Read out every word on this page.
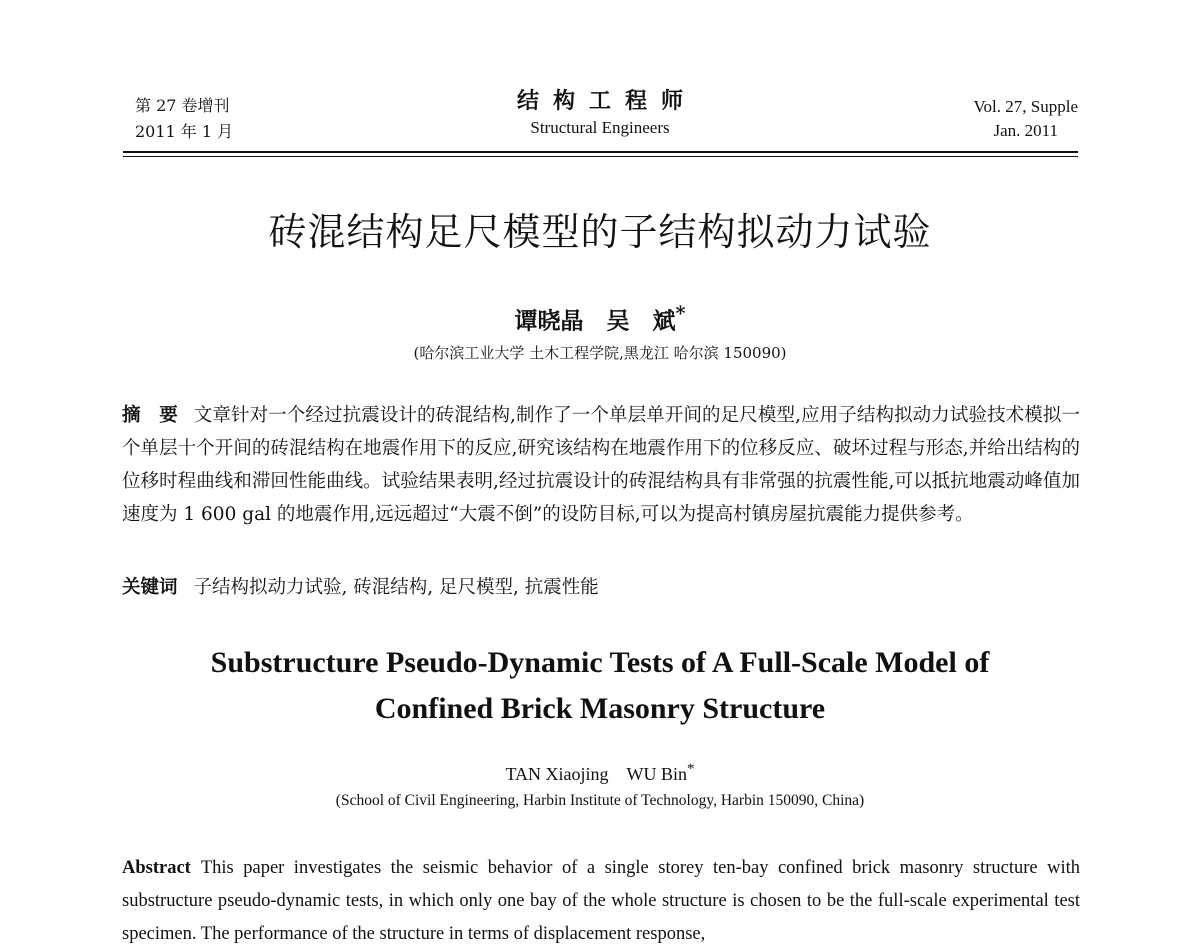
第 27 卷增刊
2011 年 1 月
结构工程师
Structural Engineers
Vol. 27, Supple
Jan. 2011
砖混结构足尺模型的子结构拟动力试验
谭晓晶　吴　斌*
(哈尔滨工业大学 土木工程学院,黑龙江 哈尔滨 150090)
摘　要 文章针对一个经过抗震设计的砖混结构,制作了一个单层单开间的足尺模型,应用子结构拟动力试验技术模拟一个单层十个开间的砖混结构在地震作用下的反应,研究该结构在地震作用下的位移反应、破坏过程与形态,并给出结构的位移时程曲线和滞回性能曲线。试验结果表明,经过抗震设计的砖混结构具有非常强的抗震性能,可以抵抗地震动峰值加速度为 1 600 gal 的地震作用,远远超过“大震不倒”的设防目标,可以为提高村镇房屋抗震能力提供参考。
关键词 子结构拟动力试验, 砖混结构, 足尺模型, 抗震性能
Substructure Pseudo-Dynamic Tests of A Full-Scale Model of
Confined Brick Masonry Structure
TAN Xiaojing　WU Bin*
(School of Civil Engineering, Harbin Institute of Technology, Harbin 150090, China)
Abstract This paper investigates the seismic behavior of a single storey ten-bay confined brick masonry structure with substructure pseudo-dynamic tests, in which only one bay of the whole structure is chosen to be the full-scale experimental test specimen. The performance of the structure in terms of displacement response,
